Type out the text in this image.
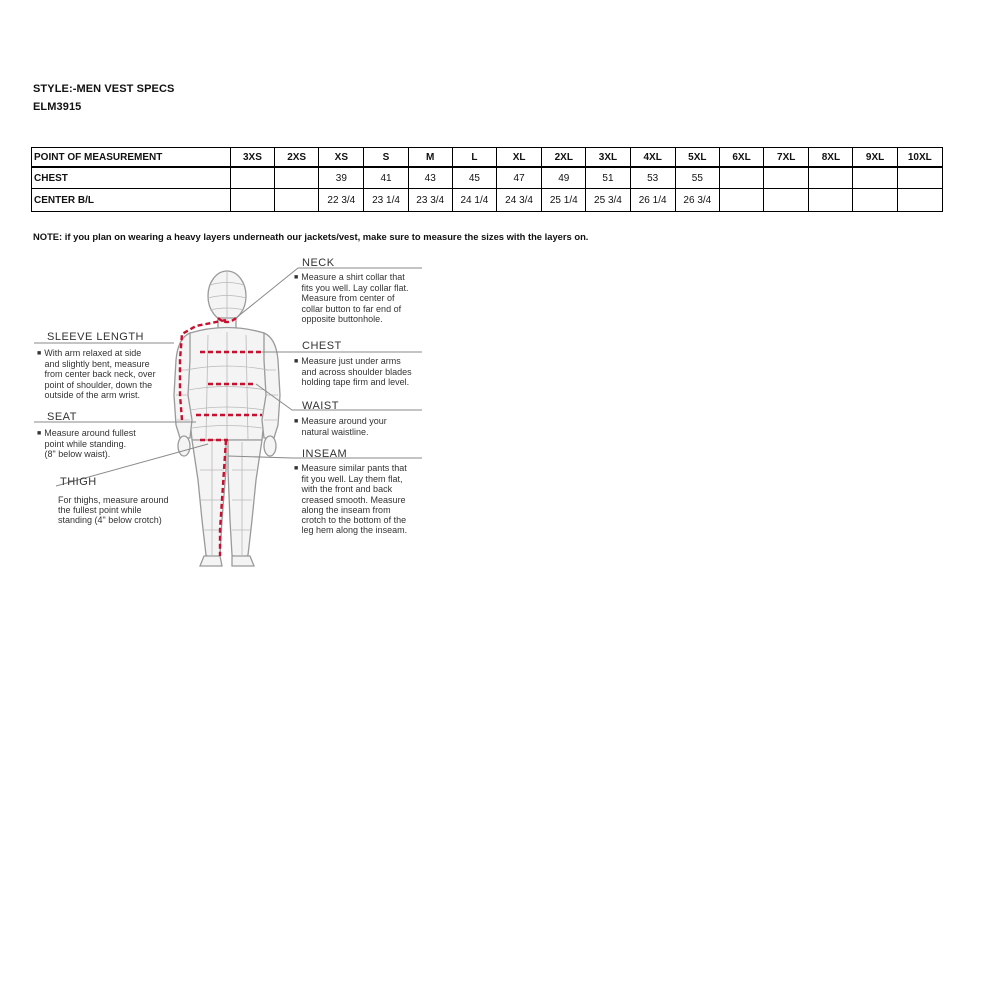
STYLE:-MEN VEST SPECS
ELM3915
POINT OF MEASUREMENT	3XS	2XS	XS	S	M	L	XL	2XL	3XL	4XL	5XL	6XL	7XL	8XL	9XL	10XL
CHEST			39	41	43	45	47	49	51	53	55					
CENTER B/L			22 3/4	23 1/4	23 3/4	24 1/4	24 3/4	25 1/4	25 3/4	26 1/4	26 3/4					
NOTE: if you plan on wearing a heavy layers underneath our jackets/vest, make sure to measure the sizes with the layers on.
NECK
■ Measure a shirt collar that
fits you well. Lay collar flat.
Measure from center of
collar button to far end of
opposite buttonhole.
CHEST
■ Measure just under arms
and across shoulder blades
holding tape firm and level.
WAIST
■ Measure around your
natural waistline.
INSEAM
■ Measure similar pants that
fit you well. Lay them flat,
with the front and back
creased smooth. Measure
along the inseam from
crotch to the bottom of the
leg hem along the inseam.
SLEEVE LENGTH
■ With arm relaxed at side
and slightly bent, measure
from center back neck, over
point of shoulder, down the
outside of the arm wrist.
SEAT
■ Measure around fullest
point while standing.
(8" below waist).
THIGH
For thighs, measure around
the fullest point while
standing (4" below crotch)
